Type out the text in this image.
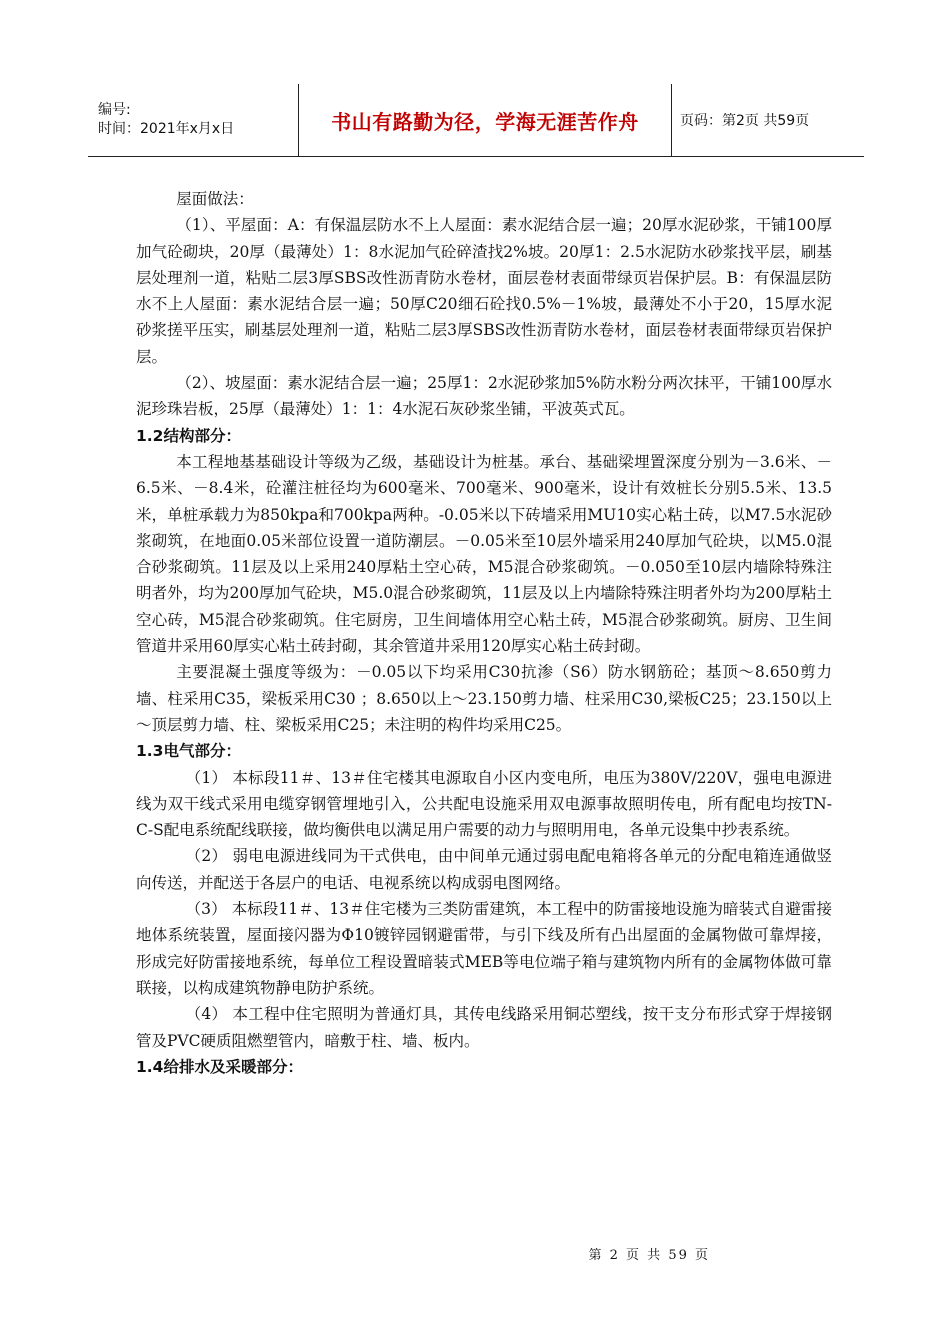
编号:
时间：2021年x月x日	书山有路勤为径，学海无涯苦作舟	页码：第2页 共59页

屋面做法：

（1）、平屋面：A：有保温层防水不上人屋面：素水泥结合层一遍；20厚水泥砂浆，干铺100厚加气砼砌块，20厚（最薄处）1：8水泥加气砼碎渣找2%坡。20厚1：2.5水泥防水砂浆找平层，刷基层处理剂一道，粘贴二层3厚SBS改性沥青防水卷材，面层卷材表面带绿页岩保护层。B：有保温层防水不上人屋面：素水泥结合层一遍；50厚C20细石砼找0.5%－1%坡，最薄处不小于20，15厚水泥砂浆搓平压实，刷基层处理剂一道，粘贴二层3厚SBS改性沥青防水卷材，面层卷材表面带绿页岩保护层。

（2）、坡屋面：素水泥结合层一遍；25厚1：2水泥砂浆加5%防水粉分两次抹平，干铺100厚水泥珍珠岩板，25厚（最薄处）1：1：4水泥石灰砂浆坐铺，平波英式瓦。

1.2结构部分：

本工程地基基础设计等级为乙级，基础设计为桩基。承台、基础梁埋置深度分别为－3.6米、－6.5米、－8.4米，砼灌注桩径均为600毫米、700毫米、900毫米，设计有效桩长分别5.5米、13.5米，单桩承载力为850kpa和700kpa两种。-0.05米以下砖墙采用MU10实心粘土砖，以M7.5水泥砂浆砌筑，在地面0.05米部位设置一道防潮层。－0.05米至10层外墙采用240厚加气砼块，以M5.0混合砂浆砌筑。11层及以上采用240厚粘土空心砖，M5混合砂浆砌筑。－0.050至10层内墙除特殊注明者外，均为200厚加气砼块，M5.0混合砂浆砌筑，11层及以上内墙除特殊注明者外均为200厚粘土空心砖，M5混合砂浆砌筑。住宅厨房，卫生间墙体用空心粘土砖，M5混合砂浆砌筑。厨房、卫生间管道井采用60厚实心粘土砖封砌，其余管道井采用120厚实心粘土砖封砌。

主要混凝土强度等级为：－0.05以下均采用C30抗渗（S6）防水钢筋砼；基顶～8.650剪力墙、柱采用C35，梁板采用C30 ；8.650以上～23.150剪力墙、柱采用C30,梁板C25；23.150以上～顶层剪力墙、柱、梁板采用C25；未注明的构件均采用C25。

1.3电气部分：

（1） 本标段11＃、13＃住宅楼其电源取自小区内变电所，电压为380V/220V，强电电源进线为双干线式采用电缆穿钢管埋地引入，公共配电设施采用双电源事故照明传电，所有配电均按TN-C-S配电系统配线联接，做均衡供电以满足用户需要的动力与照明用电，各单元设集中抄表系统。

（2） 弱电电源进线同为干式供电，由中间单元通过弱电配电箱将各单元的分配电箱连通做竖向传送，并配送于各层户的电话、电视系统以构成弱电图网络。

（3） 本标段11＃、13＃住宅楼为三类防雷建筑，本工程中的防雷接地设施为暗装式自避雷接地体系统装置，屋面接闪器为Φ10镀锌园钢避雷带，与引下线及所有凸出屋面的金属物做可靠焊接，形成完好防雷接地系统，每单位工程设置暗装式MEB等电位端子箱与建筑物内所有的金属物体做可靠联接，以构成建筑物静电防护系统。

（4） 本工程中住宅照明为普通灯具，其传电线路采用铜芯塑线，按干支分布形式穿于焊接钢管及PVC硬质阻燃塑管内，暗敷于柱、墙、板内。

1.4给排水及采暖部分：
第 2 页 共 59 页
